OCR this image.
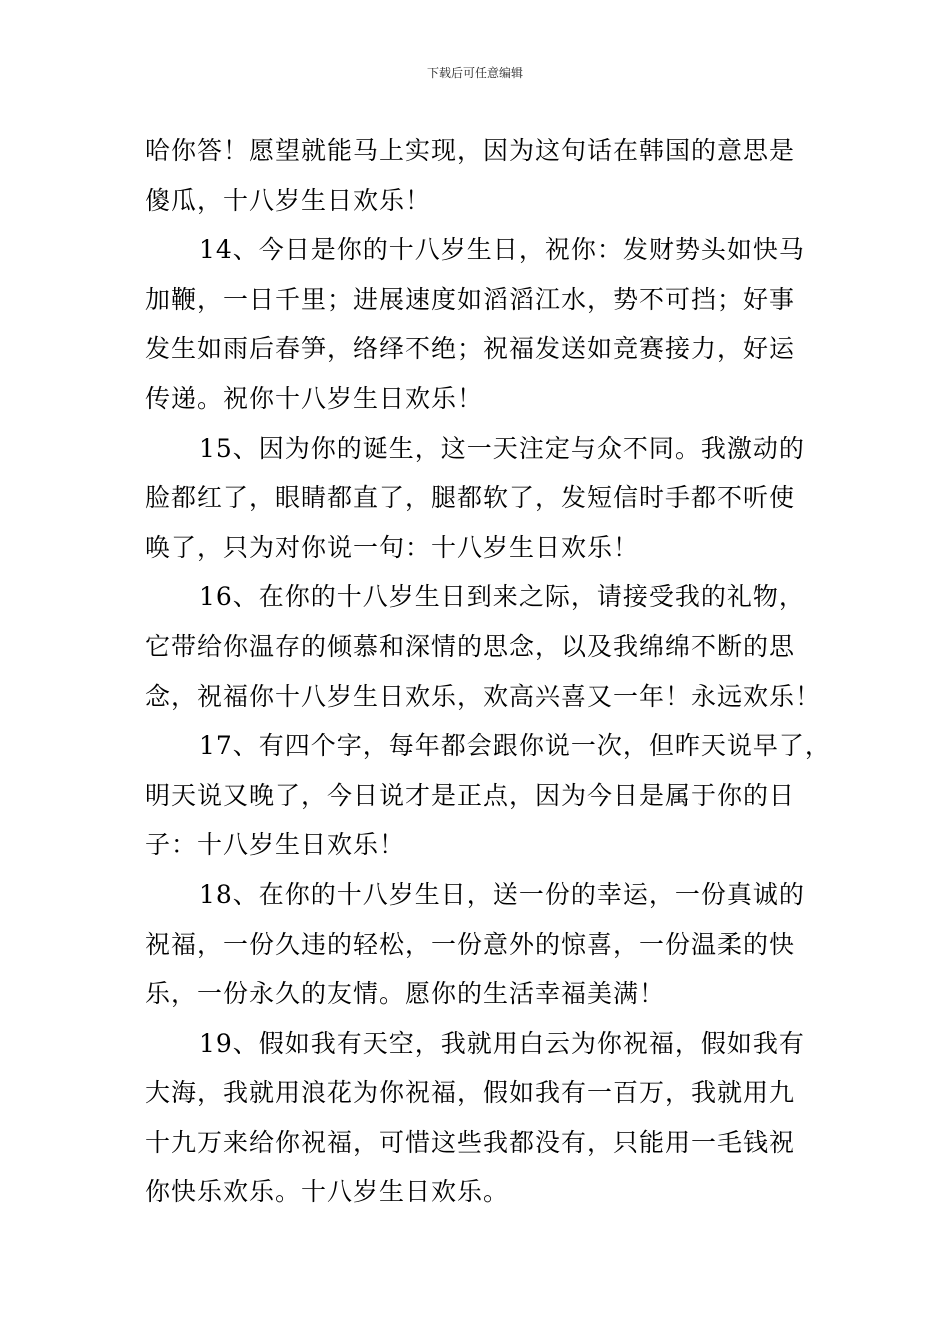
下载后可任意编辑

哈你答！愿望就能马上实现，因为这句话在韩国的意思是
傻瓜，十八岁生日欢乐！

14、今日是你的十八岁生日，祝你：发财势头如快马
加鞭，一日千里；进展速度如滔滔江水，势不可挡；好事
发生如雨后春笋，络绎不绝；祝福发送如竞赛接力，好运
传递。祝你十八岁生日欢乐！

15、因为你的诞生，这一天注定与众不同。我激动的
脸都红了，眼睛都直了，腿都软了，发短信时手都不听使
唤了，只为对你说一句：十八岁生日欢乐！

16、在你的十八岁生日到来之际，请接受我的礼物，
它带给你温存的倾慕和深情的思念，以及我绵绵不断的思
念，祝福你十八岁生日欢乐，欢高兴喜又一年！永远欢乐！

17、有四个字，每年都会跟你说一次，但昨天说早了，
明天说又晚了，今日说才是正点，因为今日是属于你的日
子：十八岁生日欢乐！

18、在你的十八岁生日，送一份的幸运，一份真诚的
祝福，一份久违的轻松，一份意外的惊喜，一份温柔的快
乐，一份永久的友情。愿你的生活幸福美满！

19、假如我有天空，我就用白云为你祝福，假如我有
大海，我就用浪花为你祝福，假如我有一百万，我就用九
十九万来给你祝福，可惜这些我都没有，只能用一毛钱祝
你快乐欢乐。十八岁生日欢乐。
